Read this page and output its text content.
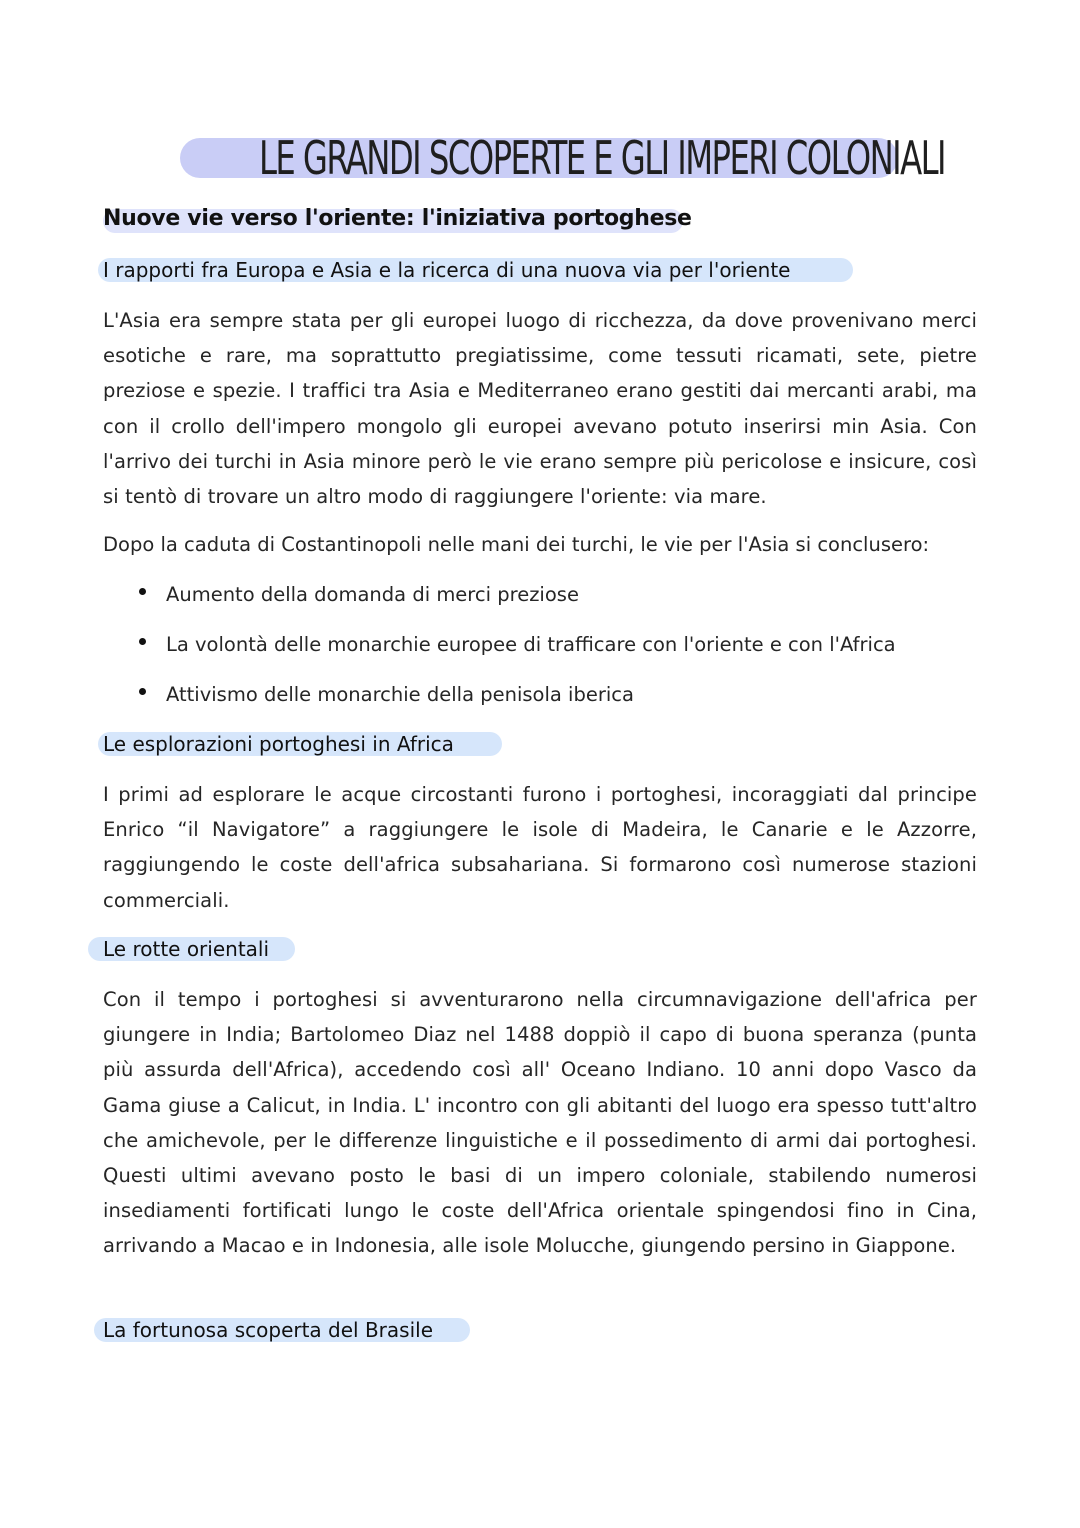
LE GRANDI SCOPERTE E GLI IMPERI COLONIALI
Nuove vie verso l'oriente: l'iniziativa portoghese
I rapporti fra Europa e Asia e la ricerca di una nuova via per l'oriente
L'Asia era sempre stata per gli europei luogo di ricchezza, da dove provenivano merci esotiche e rare, ma soprattutto pregiatissime, come tessuti ricamati, sete, pietre preziose e spezie. I traffici tra Asia e Mediterraneo erano gestiti dai mercanti arabi, ma con il crollo dell'impero mongolo gli europei avevano potuto inserirsi min Asia. Con l'arrivo dei turchi in Asia minore però le vie erano sempre più pericolose e insicure, così si tentò di trovare un altro modo di raggiungere l'oriente: via mare.
Dopo la caduta di Costantinopoli nelle mani dei turchi, le vie per l'Asia si conclusero:
Aumento della domanda di merci preziose
La volontà delle monarchie europee di trafficare con l'oriente e con l'Africa
Attivismo delle monarchie della penisola iberica
Le esplorazioni portoghesi in Africa
I primi ad esplorare le acque circostanti furono i portoghesi, incoraggiati dal principe Enrico “il Navigatore” a raggiungere le isole di Madeira, le Canarie e le Azzorre, raggiungendo le coste dell'africa subsahariana. Si formarono così numerose stazioni commerciali.
Le rotte orientali
Con il tempo i portoghesi si avventurarono nella circumnavigazione dell'africa per giungere in India; Bartolomeo Diaz nel 1488 doppiò il capo di buona speranza (punta più assurda dell'Africa), accedendo così all' Oceano Indiano. 10 anni dopo Vasco da Gama giuse a Calicut, in India. L' incontro con gli abitanti del luogo era spesso tutt'altro che amichevole, per le differenze linguistiche e il possedimento di armi dai portoghesi. Questi ultimi avevano posto le basi di un impero coloniale, stabilendo numerosi insediamenti fortificati lungo le coste dell'Africa orientale spingendosi fino in Cina, arrivando a Macao e in Indonesia, alle isole Molucche, giungendo persino in Giappone.
La fortunosa scoperta del Brasile
